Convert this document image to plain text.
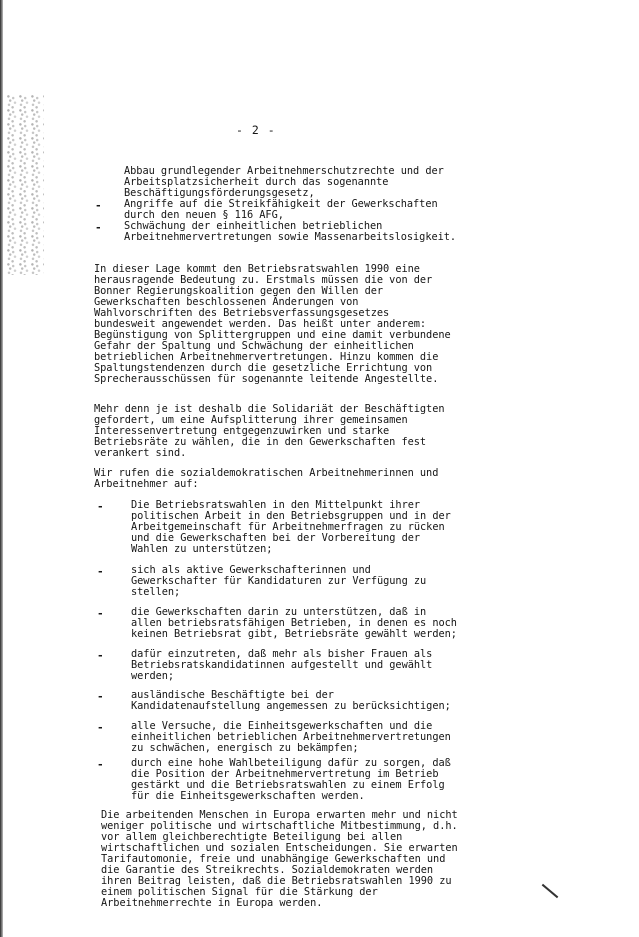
- 2 -
Abbau grundlegender Arbeitnehmerschutzrechte und der
Arbeitsplatzsicherheit durch das sogenannte
Beschäftigungsförderungsgesetz,
- Angriffe auf die Streikfähigkeit der Gewerkschaften
durch den neuen § 116 AFG,
- Schwächung der einheitlichen betrieblichen
Arbeitnehmervertretungen sowie Massenarbeitslosigkeit.
In dieser Lage kommt den Betriebsratswahlen 1990 eine
herausragende Bedeutung zu. Erstmals müssen die von der
Bonner Regierungskoalition gegen den Willen der
Gewerkschaften beschlossenen Änderungen von
Wahlvorschriften des Betriebsverfassungsgesetzes
bundesweit angewendet werden. Das heißt unter anderem:
Begünstigung von Splittergruppen und eine damit verbundene
Gefahr der Spaltung und Schwächung der einheitlichen
betrieblichen Arbeitnehmervertretungen. Hinzu kommen die
Spaltungstendenzen durch die gesetzliche Errichtung von
Sprecherausschüssen für sogenannte leitende Angestellte.
Mehr denn je ist deshalb die Solidariät der Beschäftigten
gefordert, um eine Aufsplitterung ihrer gemeinsamen
Interessenvertretung entgegenzuwirken und starke
Betriebsräte zu wählen, die in den Gewerkschaften fest
verankert sind.
Wir rufen die sozialdemokratischen Arbeitnehmerinnen und
Arbeitnehmer auf:
-	Die Betriebsratswahlen in den Mittelpunkt ihrer
politischen Arbeit in den Betriebsgruppen und in der
Arbeitgemeinschaft für Arbeitnehmerfragen zu rücken
und die Gewerkschaften bei der Vorbereitung der
Wahlen zu unterstützen;
-	sich als aktive Gewerkschafterinnen und
Gewerkschafter für Kandidaturen zur Verfügung zu
stellen;
-	die Gewerkschaften darin zu unterstützen, daß in
allen betriebsratsfähigen Betrieben, in denen es noch
keinen Betriebsrat gibt, Betriebsräte gewählt werden;
-	dafür einzutreten, daß mehr als bisher Frauen als
Betriebsratskandidatinnen aufgestellt und gewählt
werden;
-	ausländische Beschäftigte bei der
Kandidatenaufstellung angemessen zu berücksichtigen;
-	alle Versuche, die Einheitsgewerkschaften und die
einheitlichen betrieblichen Arbeitnehmervertretungen
zu schwächen, energisch zu bekämpfen;
-	durch eine hohe Wahlbeteiligung dafür zu sorgen, daß
die Position der Arbeitnehmervertretung im Betrieb
gestärkt und die Betriebsratswahlen zu einem Erfolg
für die Einheitsgewerkschaften werden.
Die arbeitenden Menschen in Europa erwarten mehr und nicht
weniger politische und wirtschaftliche Mitbestimmung, d.h.
vor allem gleichberechtigte Beteiligung bei allen
wirtschaftlichen und sozialen Entscheidungen. Sie erwarten
Tarifautomonie, freie und unabhängige Gewerkschaften und
die Garantie des Streikrechts. Sozialdemokraten werden
ihren Beitrag leisten, daß die Betriebsratswahlen 1990 zu
einem politischen Signal für die Stärkung der
Arbeitnehmerrechte in Europa werden.
